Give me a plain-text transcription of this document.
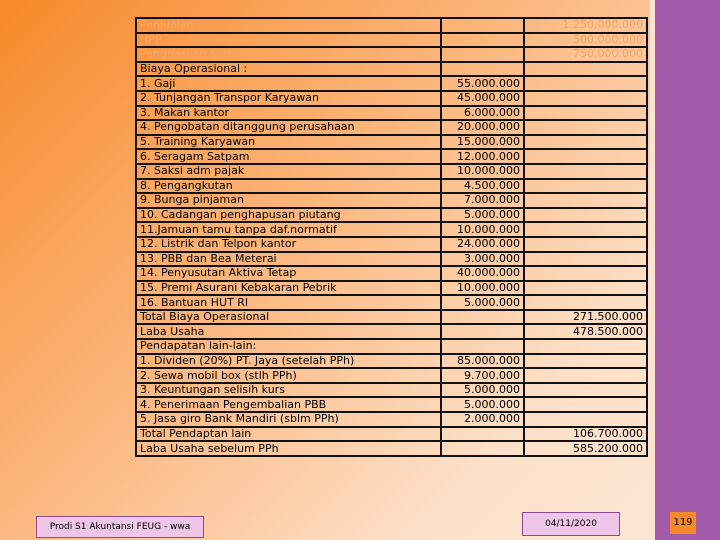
Penjualan		1.250.000.000
HPP		500.000.000
Penghasilan Kotor		750.000.000
Biaya Operasional :		
1. Gaji	55.000.000	
2. Tunjangan Transpor Karyawan	45.000.000	
3. Makan kantor	6.000.000	
4. Pengobatan ditanggung perusahaan	20.000.000	
5. Training Karyawan	15.000.000	
6. Seragam Satpam	12.000.000	
7. Saksi adm pajak	10.000.000	
8. Pengangkutan	4.500.000	
9. Bunga pinjaman	7.000.000	
10. Cadangan penghapusan piutang	5.000.000	
11.Jamuan tamu tanpa daf.normatif	10.000.000	
12. Listrik dan Telpon kantor	24.000.000	
13. PBB dan Bea Meterai	3.000.000	
14. Penyusutan Aktiva Tetap	40.000.000	
15. Premi Asurani Kebakaran Pebrik	10.000.000	
16. Bantuan HUT RI	5.000.000	
Total Biaya Operasional		271.500.000
Laba Usaha		478.500.000
Pendapatan lain-lain:		
1. Dividen (20%) PT. Jaya (setelah PPh)	85.000.000	
2. Sewa mobil box (stlh PPh)	9.700.000	
3. Keuntungan selisih kurs	5.000.000	
4. Penerimaan Pengembalian PBB	5.000.000	
5. Jasa giro Bank Mandiri (sblm PPh)	2.000.000	
Total Pendaptan lain		106.700.000
Laba Usaha sebelum PPh		585.200.000
Prodi S1 Akuntansi FEUG - wwa	04/11/2020	119
